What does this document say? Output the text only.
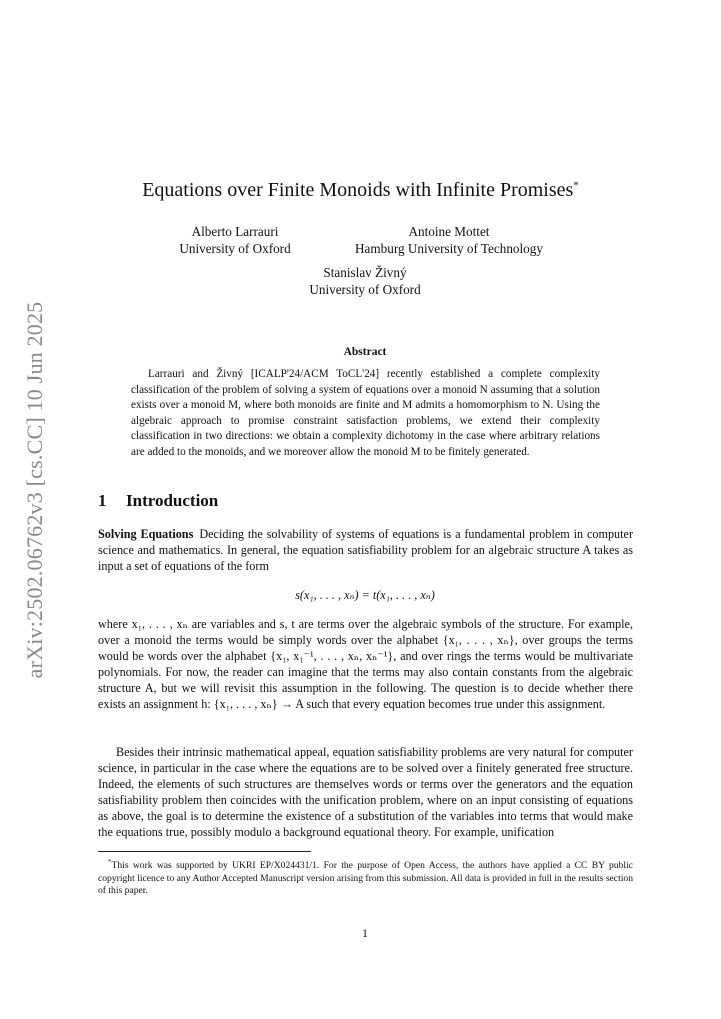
arXiv:2502.06762v3 [cs.CC] 10 Jun 2025
Equations over Finite Monoids with Infinite Promises*
Alberto Larrauri
University of Oxford
Antoine Mottet
Hamburg University of Technology
Stanislav Živný
University of Oxford
Abstract
Larrauri and Živný [ICALP'24/ACM ToCL'24] recently established a complete complexity classification of the problem of solving a system of equations over a monoid N assuming that a solution exists over a monoid M, where both monoids are finite and M admits a homomorphism to N. Using the algebraic approach to promise constraint satisfaction problems, we extend their complexity classification in two directions: we obtain a complexity dichotomy in the case where arbitrary relations are added to the monoids, and we moreover allow the monoid M to be finitely generated.
1 Introduction
Solving Equations Deciding the solvability of systems of equations is a fundamental problem in computer science and mathematics. In general, the equation satisfiability problem for an algebraic structure A takes as input a set of equations of the form
s(x₁, . . . , xₙ) = t(x₁, . . . , xₙ)
where x₁, . . . , xₙ are variables and s, t are terms over the algebraic symbols of the structure. For example, over a monoid the terms would be simply words over the alphabet {x₁, . . . , xₙ}, over groups the terms would be words over the alphabet {x₁, x₁⁻¹, . . . , xₙ, xₙ⁻¹}, and over rings the terms would be multivariate polynomials. For now, the reader can imagine that the terms may also contain constants from the algebraic structure A, but we will revisit this assumption in the following. The question is to decide whether there exists an assignment h: {x₁, . . . , xₙ} → A such that every equation becomes true under this assignment.
Besides their intrinsic mathematical appeal, equation satisfiability problems are very natural for computer science, in particular in the case where the equations are to be solved over a finitely generated free structure. Indeed, the elements of such structures are themselves words or terms over the generators and the equation satisfiability problem then coincides with the unification problem, where on an input consisting of equations as above, the goal is to determine the existence of a substitution of the variables into terms that would make the equations true, possibly modulo a background equational theory. For example, unification
*This work was supported by UKRI EP/X024431/1. For the purpose of Open Access, the authors have applied a CC BY public copyright licence to any Author Accepted Manuscript version arising from this submission. All data is provided in full in the results section of this paper.
1
